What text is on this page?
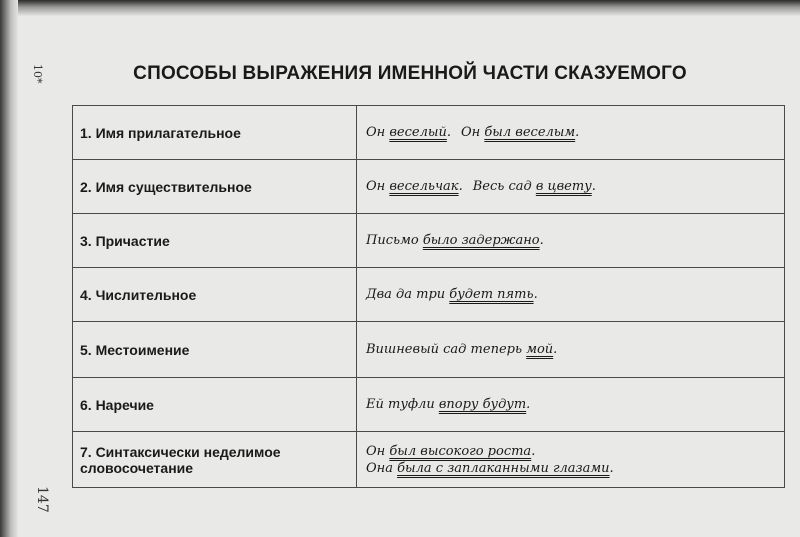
10*
147
СПОСОБЫ ВЫРАЖЕНИЯ ИМЕННОЙ ЧАСТИ СКАЗУЕМОГО
1. Имя прилагательное	Он веселый. Он был веселым.

2. Имя существительное	Он весельчак. Весь сад в цвету.

3. Причастие	Письмо было задержано.

4. Числительное	Два да три будет пять.

5. Местоимение	Вишневый сад теперь мой.

6. Наречие	Ей туфли впору будут.

7. Синтаксически неделимое словосочетание	Он был высокого роста.
Она была с заплаканными глазами.
